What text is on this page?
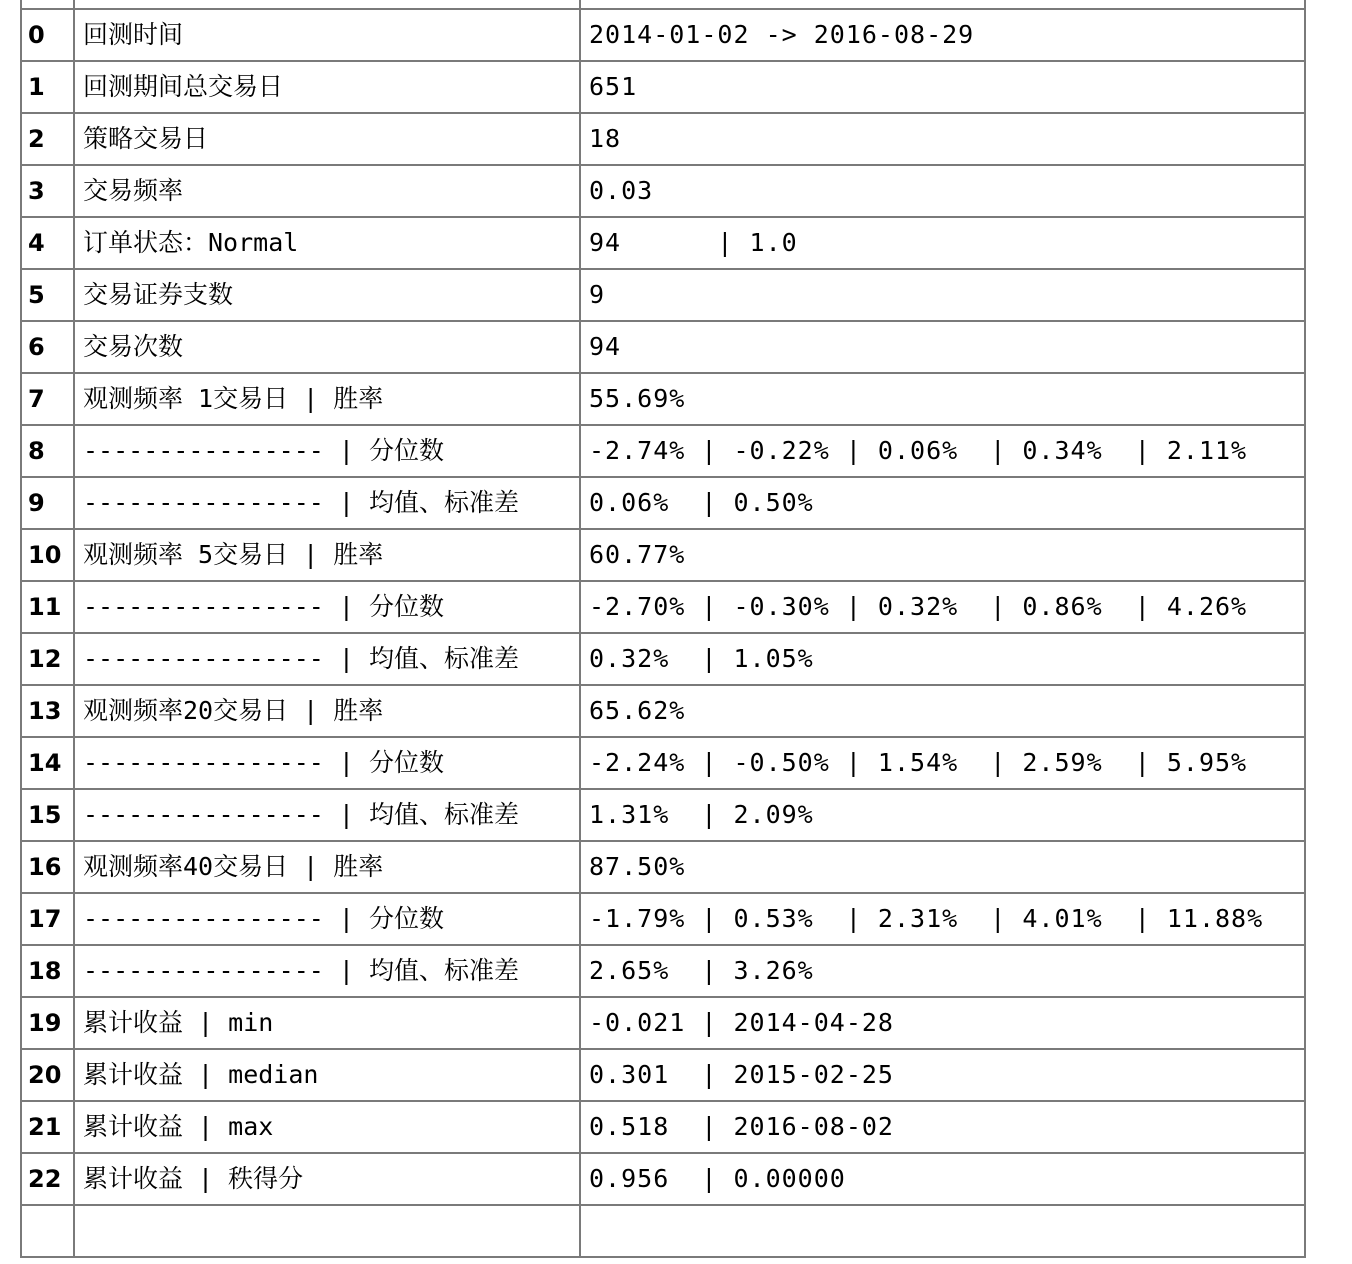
0	回测时间	2014-01-02 -> 2016-08-29
1	回测期间总交易日	651
2	策略交易日	18
3	交易频率	0.03
4	订单状态：Normal	94      | 1.0
5	交易证券支数	9
6	交易次数	94
7	观测频率 1交易日 | 胜率	55.69%
8	---------------- | 分位数	-2.74% | -0.22% | 0.06%  | 0.34%  | 2.11%
9	---------------- | 均值、标准差	0.06%  | 0.50%
10	观测频率 5交易日 | 胜率	60.77%
11	---------------- | 分位数	-2.70% | -0.30% | 0.32%  | 0.86%  | 4.26%
12	---------------- | 均值、标准差	0.32%  | 1.05%
13	观测频率20交易日 | 胜率	65.62%
14	---------------- | 分位数	-2.24% | -0.50% | 1.54%  | 2.59%  | 5.95%
15	---------------- | 均值、标准差	1.31%  | 2.09%
16	观测频率40交易日 | 胜率	87.50%
17	---------------- | 分位数	-1.79% | 0.53%  | 2.31%  | 4.01%  | 11.88%
18	---------------- | 均值、标准差	2.65%  | 3.26%
19	累计收益 | min	-0.021 | 2014-04-28
20	累计收益 | median	0.301  | 2015-02-25
21	累计收益 | max	0.518  | 2016-08-02
22	累计收益 | 秩得分	0.956  | 0.00000
